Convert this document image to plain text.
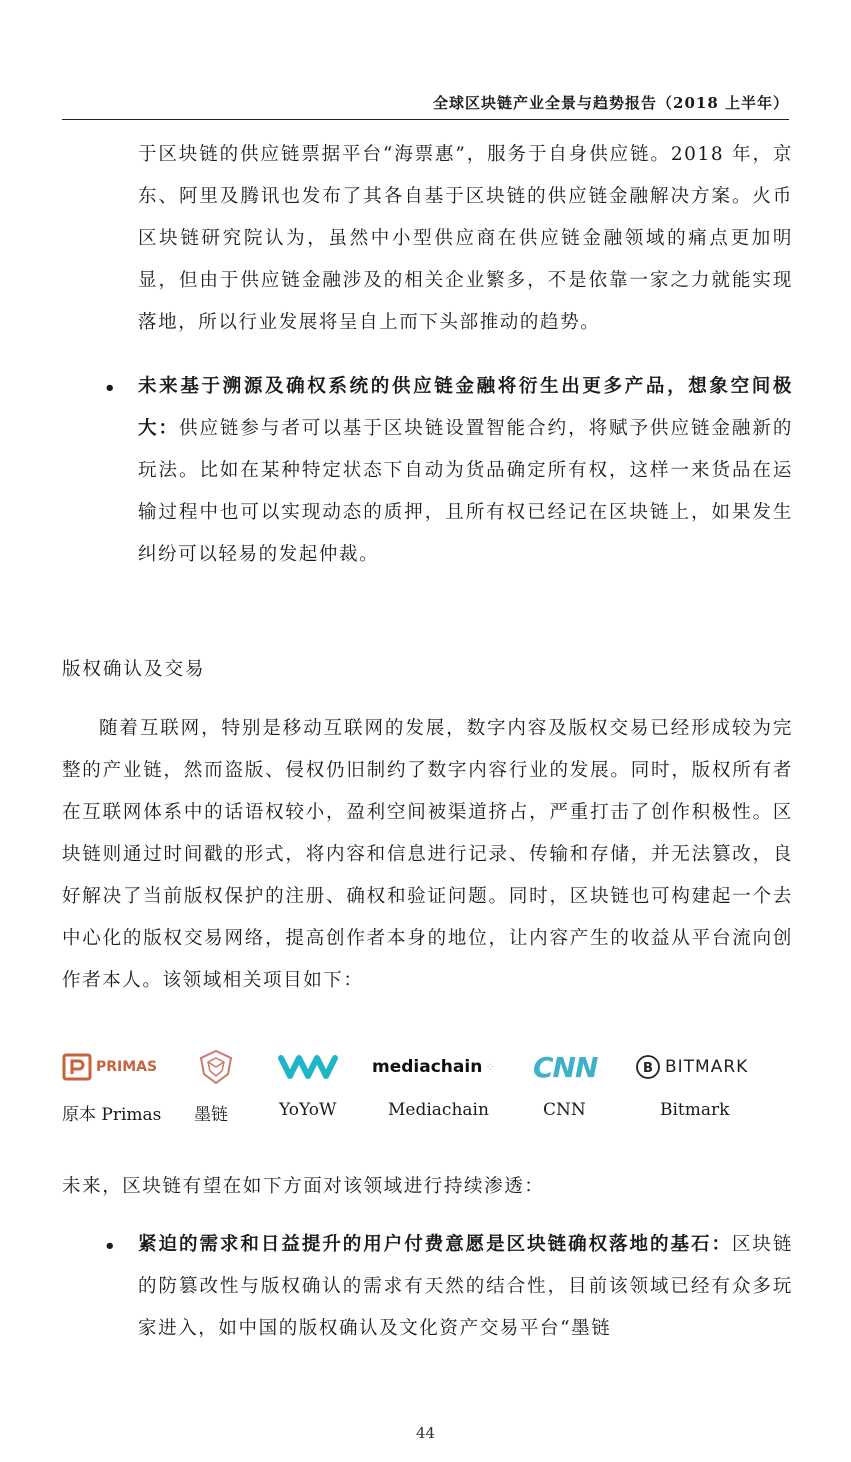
全球区块链产业全景与趋势报告（2018 上半年）
于区块链的供应链票据平台“海票惠”，服务于自身供应链。2018 年，京东、阿里及腾讯也发布了其各自基于区块链的供应链金融解决方案。火币区块链研究院认为，虽然中小型供应商在供应链金融领域的痛点更加明显，但由于供应链金融涉及的相关企业繁多，不是依靠一家之力就能实现落地，所以行业发展将呈自上而下头部推动的趋势。
• 未来基于溯源及确权系统的供应链金融将衍生出更多产品，想象空间极大：供应链参与者可以基于区块链设置智能合约，将赋予供应链金融新的玩法。比如在某种特定状态下自动为货品确定所有权，这样一来货品在运输过程中也可以实现动态的质押，且所有权已经记在区块链上，如果发生纠纷可以轻易的发起仲裁。
版权确认及交易
随着互联网，特别是移动互联网的发展，数字内容及版权交易已经形成较为完整的产业链，然而盗版、侵权仍旧制约了数字内容行业的发展。同时，版权所有者在互联网体系中的话语权较小，盈利空间被渠道挤占，严重打击了创作积极性。区块链则通过时间戳的形式，将内容和信息进行记录、传输和存储，并无法篡改，良好解决了当前版权保护的注册、确权和验证问题。同时，区块链也可构建起一个去中心化的版权交易网络，提高创作者本身的地位，让内容产生的收益从平台流向创作者本人。该领域相关项目如下：
PRIMAS	mediachain ⁘ CNN	B BITMARK
原本 Primas 墨链	YoYoW	Mediachain	CNN	Bitmark
未来，区块链有望在如下方面对该领域进行持续渗透：
• 紧迫的需求和日益提升的用户付费意愿是区块链确权落地的基石：区块链的防篡改性与版权确认的需求有天然的结合性，目前该领域已经有众多玩家进入，如中国的版权确认及文化资产交易平台“墨链
44
